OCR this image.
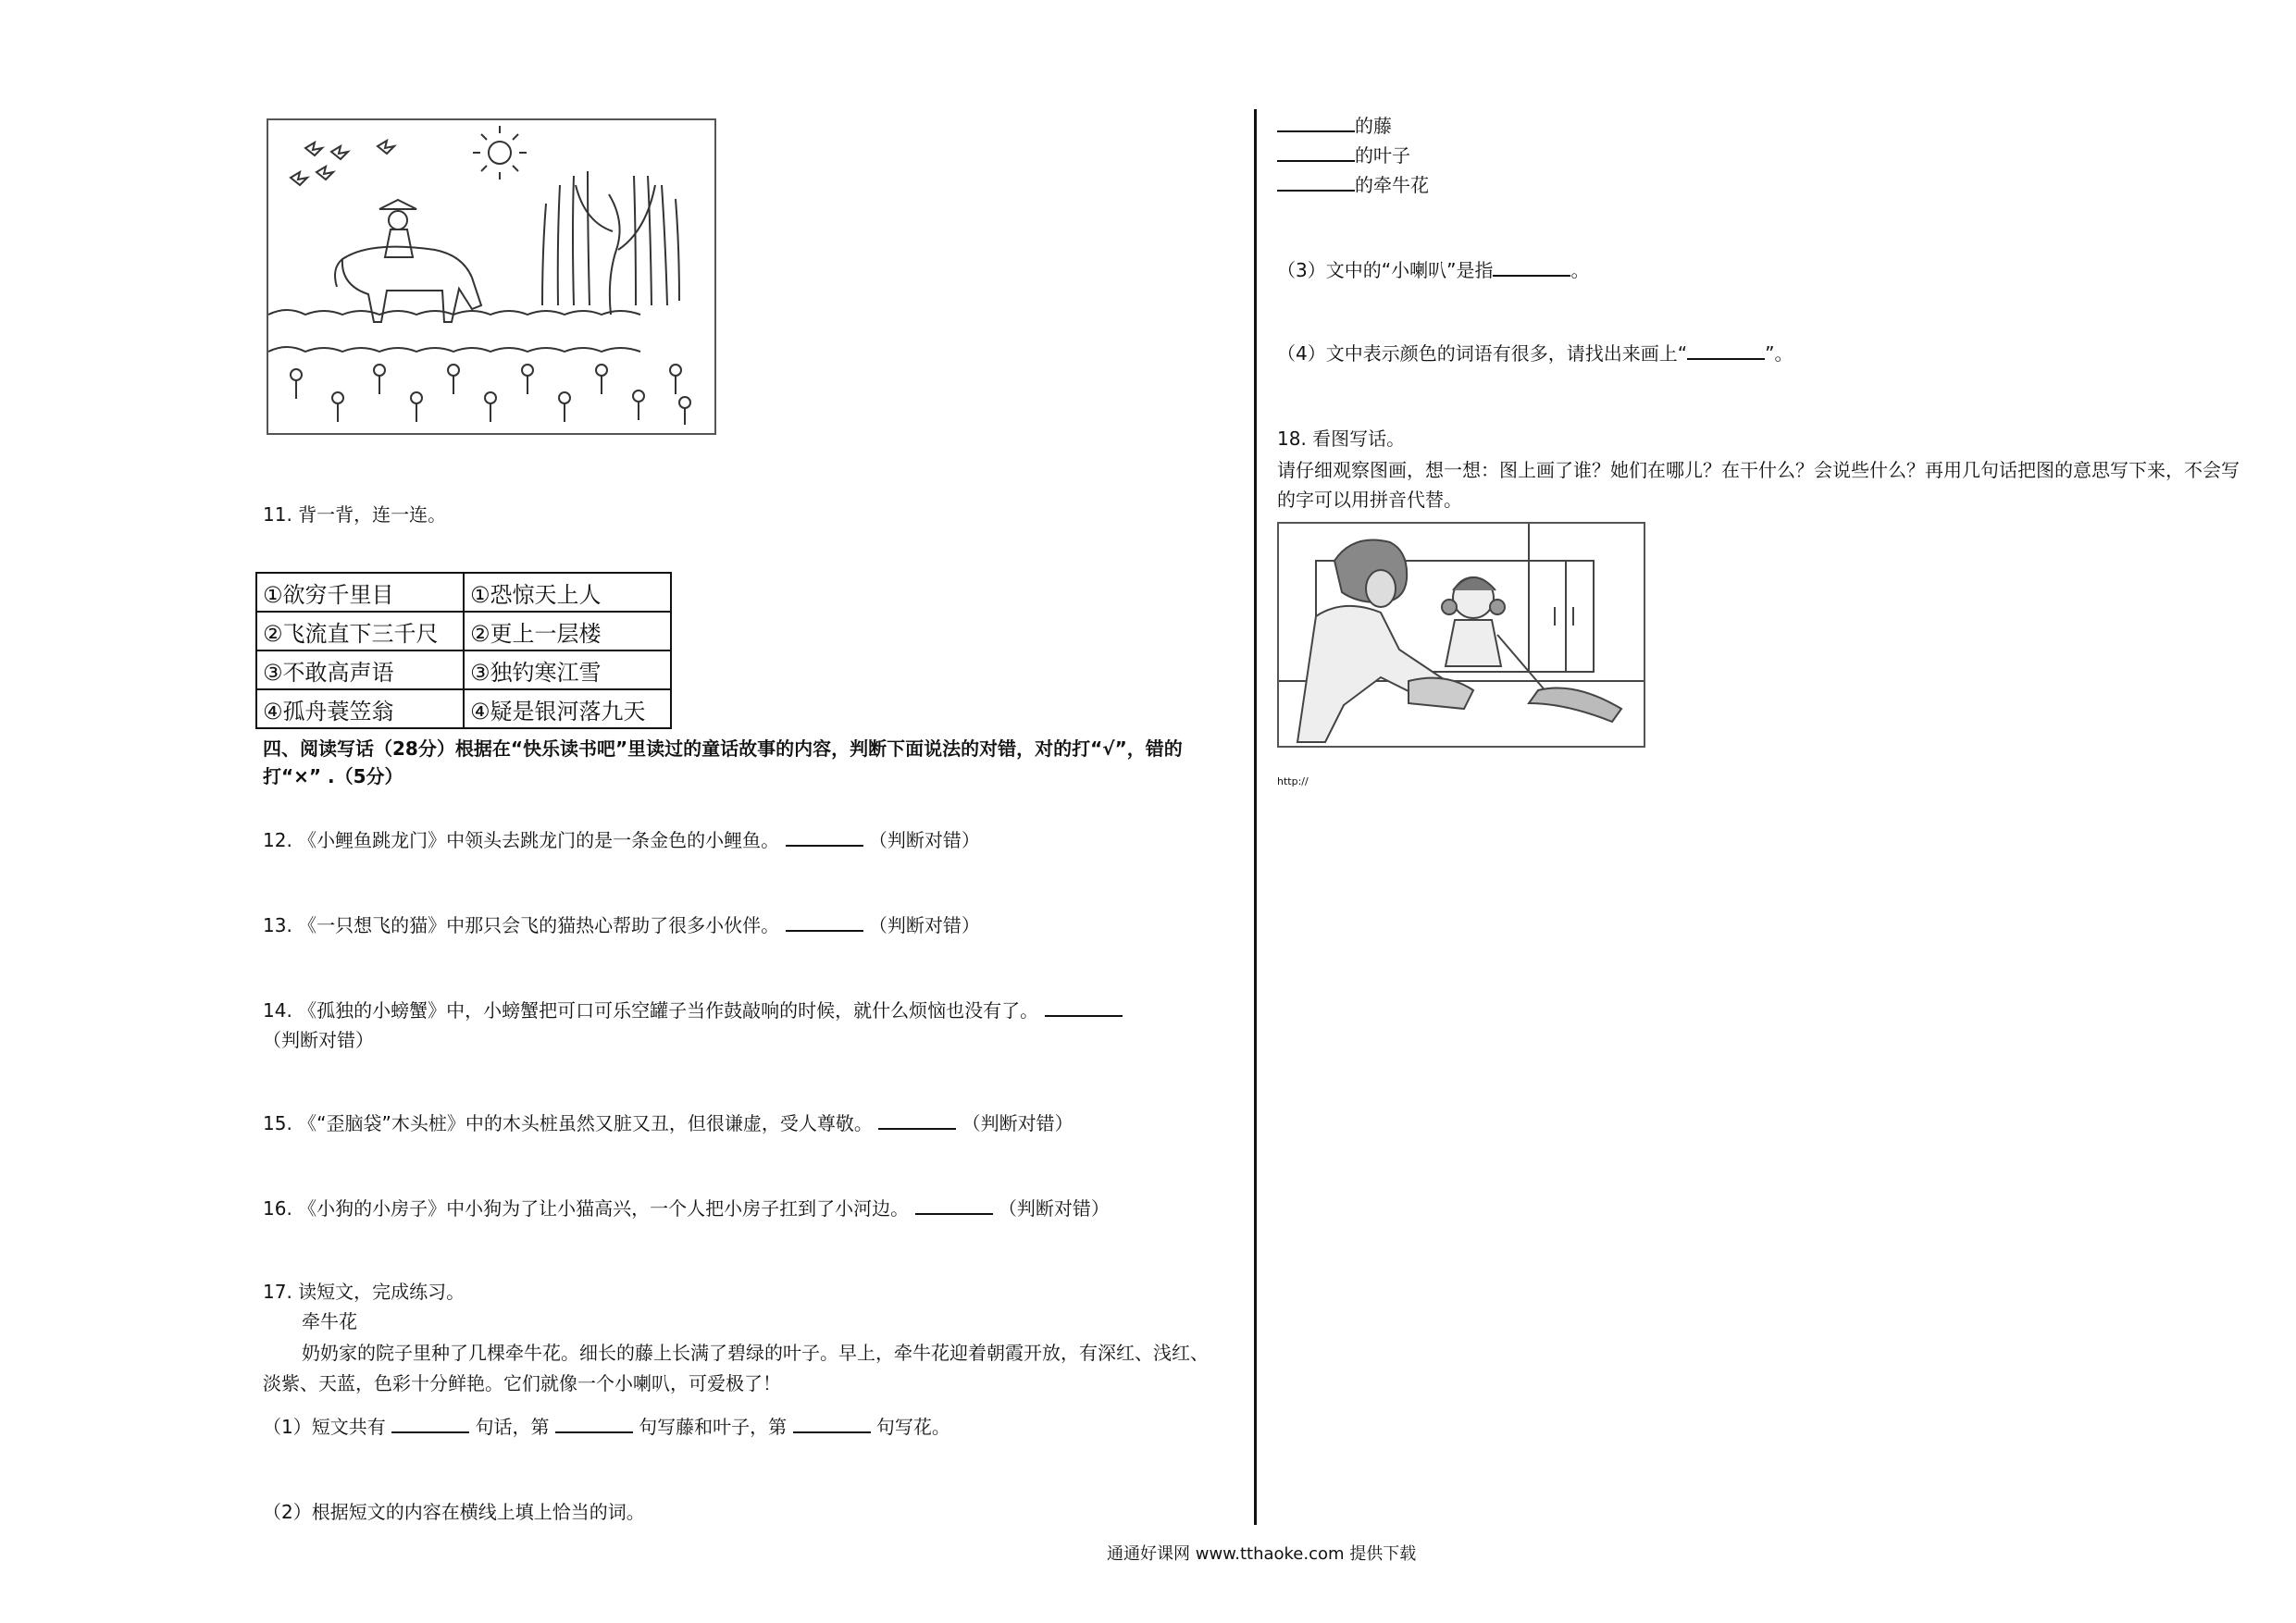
11. 背一背，连一连。
①欲穷千里目	①恐惊天上人
②飞流直下三千尺	②更上一层楼
③不敢高声语	③独钓寒江雪
④孤舟蓑笠翁	④疑是银河落九天
四、阅读写话（28分）根据在“快乐读书吧”里读过的童话故事的内容，判断下面说法的对错，对的打“√”，错的打“×” .（5分）
12. 《小鲤鱼跳龙门》中领头去跳龙门的是一条金色的小鲤鱼。	（判断对错）
13. 《一只想飞的猫》中那只会飞的猫热心帮助了很多小伙伴。	（判断对错）
14. 《孤独的小螃蟹》中，小螃蟹把可口可乐空罐子当作鼓敲响的时候，就什么烦恼也没有了。
（判断对错）
15. 《“歪脑袋”木头桩》中的木头桩虽然又脏又丑，但很谦虚，受人尊敬。	（判断对错）
16. 《小狗的小房子》中小狗为了让小猫高兴，一个人把小房子扛到了小河边。	（判断对错）
17. 读短文，完成练习。
牵牛花
奶奶家的院子里种了几棵牵牛花。细长的藤上长满了碧绿的叶子。早上，牵牛花迎着朝霞开放，有深红、浅红、淡紫、天蓝，色彩十分鲜艳。它们就像一个小喇叭，可爱极了！
（1）短文共有	句话，第	句写藤和叶子，第	句写花。
（2）根据短文的内容在横线上填上恰当的词。
的藤
的叶子
的牵牛花
（3）文中的“小喇叭”是指	。
（4）文中表示颜色的词语有很多，请找出来画上“	”。
18. 看图写话。
请仔细观察图画，想一想：图上画了谁？她们在哪儿？在干什么？会说些什么？再用几句话把图的意思写下来，不会写的字可以用拼音代替。
http://
通通好课网 www.tthaoke.com 提供下载
